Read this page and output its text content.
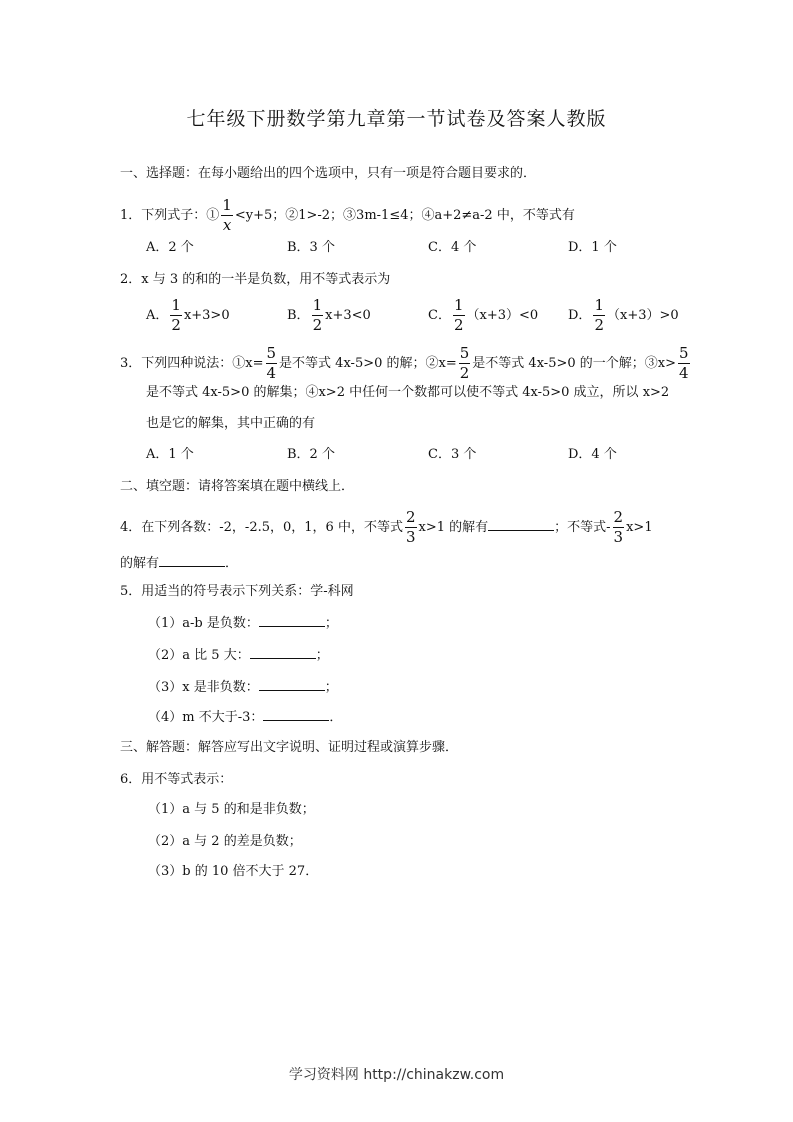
七年级下册数学第九章第一节试卷及答案人教版
一、选择题：在每小题给出的四个选项中，只有一项是符合题目要求的．
1．下列式子：① $\frac{1}{x} <y+5$；②1>-2；③3m-1≤4；④a+2≠a-2 中，不等式有
A．2 个	B．3 个	C．4 个	D．1 个
2．x 与 3 的和的一半是负数，用不等式表示为
A． $\frac{1}{2} x+3>0$	B． $\frac{1}{2} x+3<0$	C． $\frac{1}{2} (x+3)<0$ D． $\frac{1}{2} (x+3)>0$
3．下列四种说法：①x= $\frac{5}{4}$ 是不等式 4x-5>0 的解；②x= $\frac{5}{2}$ 是不等式 4x-5>0 的一个解；③x> $\frac{5}{4}$
是不等式 4x-5>0 的解集；④x>2 中任何一个数都可以使不等式 4x-5>0 成立，所以 x>2
也是它的解集，其中正确的有
A．1 个	B．2 个	C．3 个	D．4 个
二、填空题：请将答案填在题中横线上．
4．在下列各数：-2，-2.5，0，1，6 中，不等式 $\frac{2}{3} x>1$ 的解有	；不等式- $\frac{2}{3} x>1$
的解有	．
5．用适当的符号表示下列关系：学-科网
（1）a-b 是负数：	；
（2）a 比 5 大：	；
（3）x 是非负数：	；
（4）m 不大于-3：	．
三、解答题：解答应写出文字说明、证明过程或演算步骤．
6．用不等式表示：
（1）a 与 5 的和是非负数；
（2）a 与 2 的差是负数；
（3）b 的 10 倍不大于 27．
学习资料网 http://chinakzw.com
